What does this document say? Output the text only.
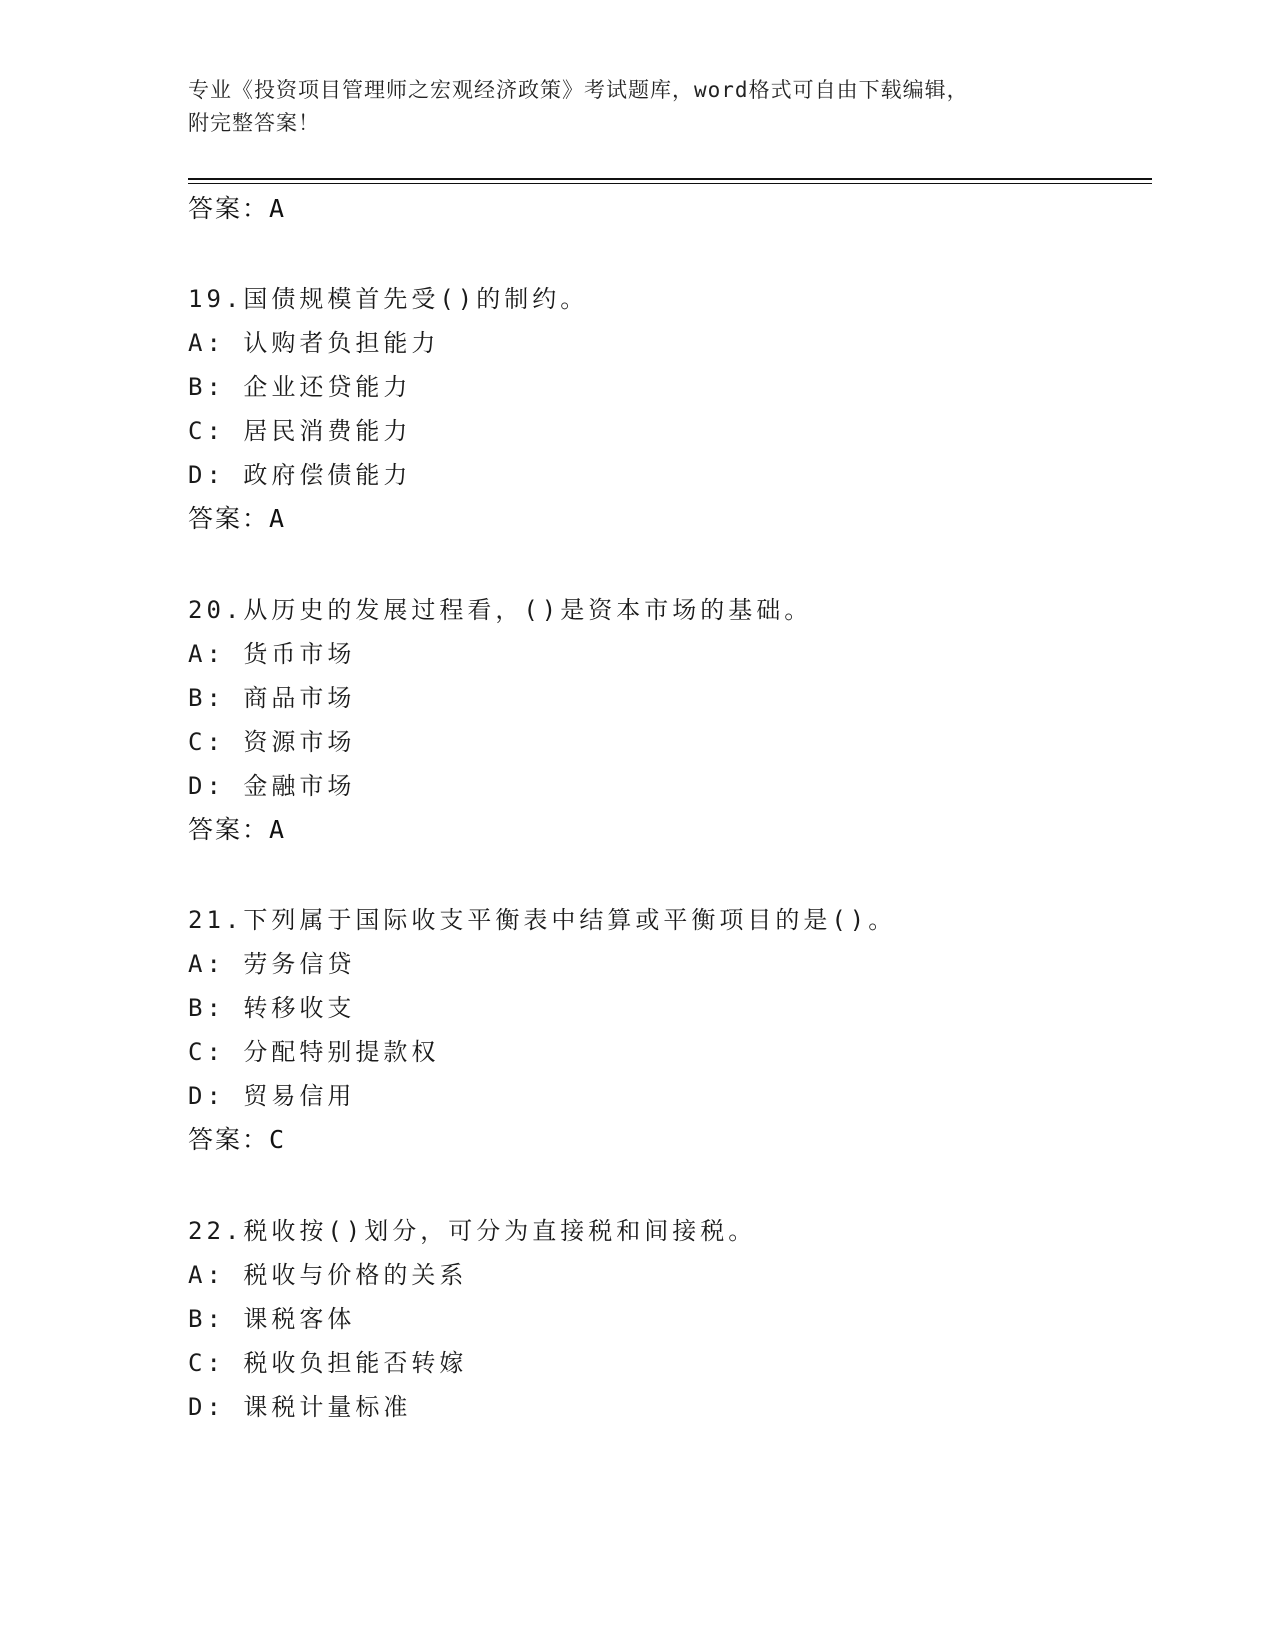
专业《投资项目管理师之宏观经济政策》考试题库，word格式可自由下载编辑，
附完整答案！
答案：A
19.国债规模首先受()的制约。
A: 认购者负担能力
B: 企业还贷能力
C: 居民消费能力
D: 政府偿债能力
答案：A
20.从历史的发展过程看，()是资本市场的基础。
A: 货币市场
B: 商品市场
C: 资源市场
D: 金融市场
答案：A
21.下列属于国际收支平衡表中结算或平衡项目的是()。
A: 劳务信贷
B: 转移收支
C: 分配特别提款权
D: 贸易信用
答案：C
22.税收按()划分，可分为直接税和间接税。
A: 税收与价格的关系
B: 课税客体
C: 税收负担能否转嫁
D: 课税计量标准
